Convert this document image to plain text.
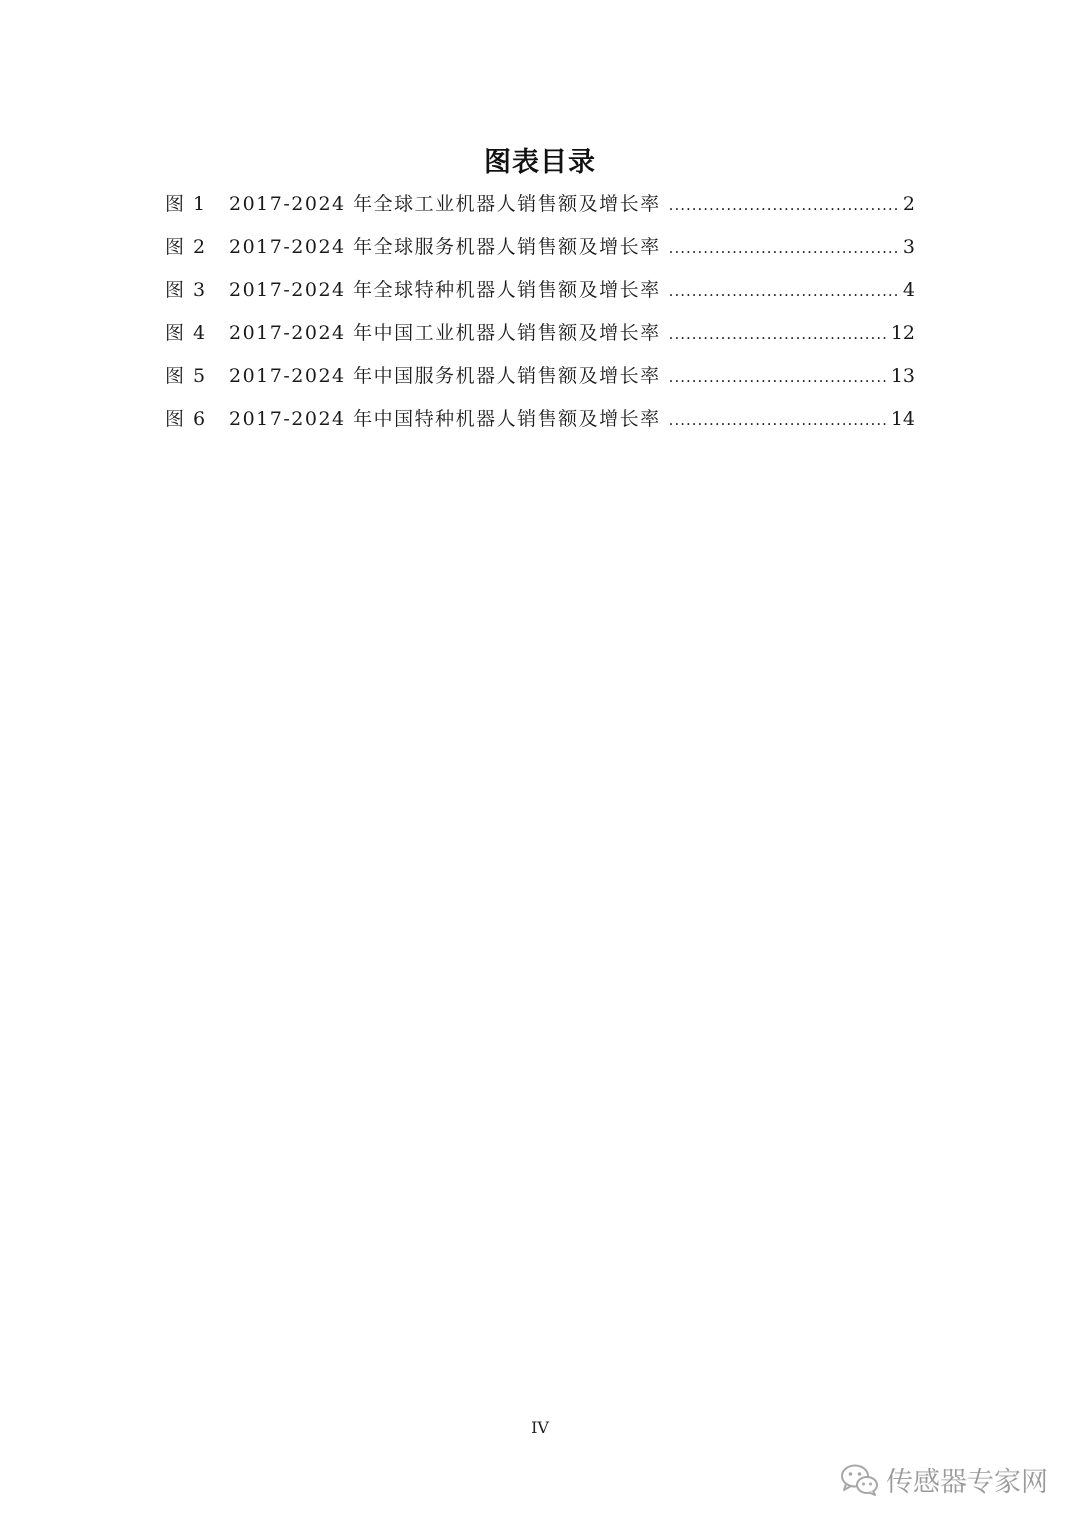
图表目录
图 1	2017-2024 年全球工业机器人销售额及增长率 .....	2
图 2	2017-2024 年全球服务机器人销售额及增长率 .....	3
图 3	2017-2024 年全球特种机器人销售额及增长率 .....	4
图 4	2017-2024 年中国工业机器人销售额及增长率 .....	12
图 5	2017-2024 年中国服务机器人销售额及增长率 .....	13
图 6	2017-2024 年中国特种机器人销售额及增长率 .....	14
IV
传感器专家网
